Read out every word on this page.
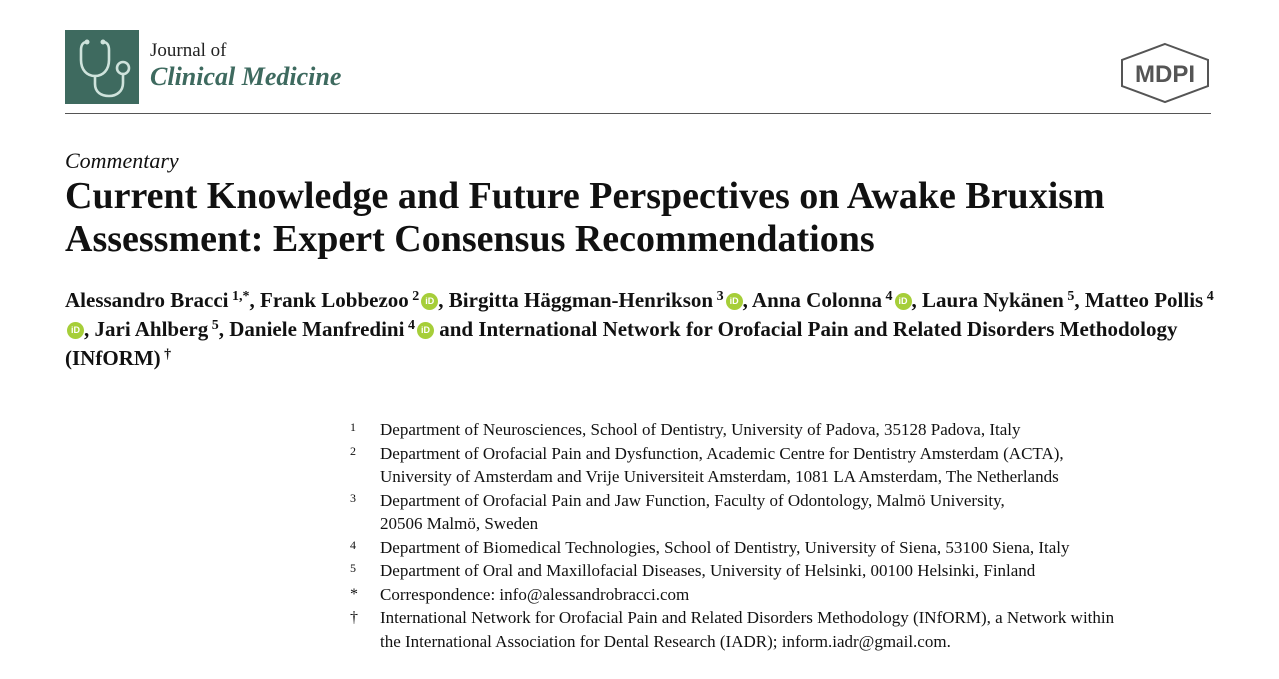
Journal of
Clinical Medicine	MDPI
Commentary
Current Knowledge and Future Perspectives on Awake Bruxism Assessment: Expert Consensus Recommendations
Alessandro Bracci $^{1,*}$, Frank Lobbezoo $^2$ iD , Birgitta Häggman-Henrikson $^3$ iD , Anna Colonna $^4$ iD , Laura Nykänen $^5$, Matteo Pollis $^4$iD , Jari Ahlberg $^5$, Daniele Manfredini $^4$ iD and International Network for Orofacial Pain and Related Disorders Methodology (INfORM) †
1 Department of Neurosciences, School of Dentistry, University of Padova, 35128 Padova, Italy
2 Department of Orofacial Pain and Dysfunction, Academic Centre for Dentistry Amsterdam (ACTA),
University of Amsterdam and Vrije Universiteit Amsterdam, 1081 LA Amsterdam, The Netherlands
3 Department of Orofacial Pain and Jaw Function, Faculty of Odontology, Malmö University,
20506 Malmö, Sweden
4 Department of Biomedical Technologies, School of Dentistry, University of Siena, 53100 Siena, Italy
5 Department of Oral and Maxillofacial Diseases, University of Helsinki, 00100 Helsinki, Finland
* Correspondence: info@alessandrobracci.com
† International Network for Orofacial Pain and Related Disorders Methodology (INfORM), a Network within
the International Association for Dental Research (IADR); inform.iadr@gmail.com.
